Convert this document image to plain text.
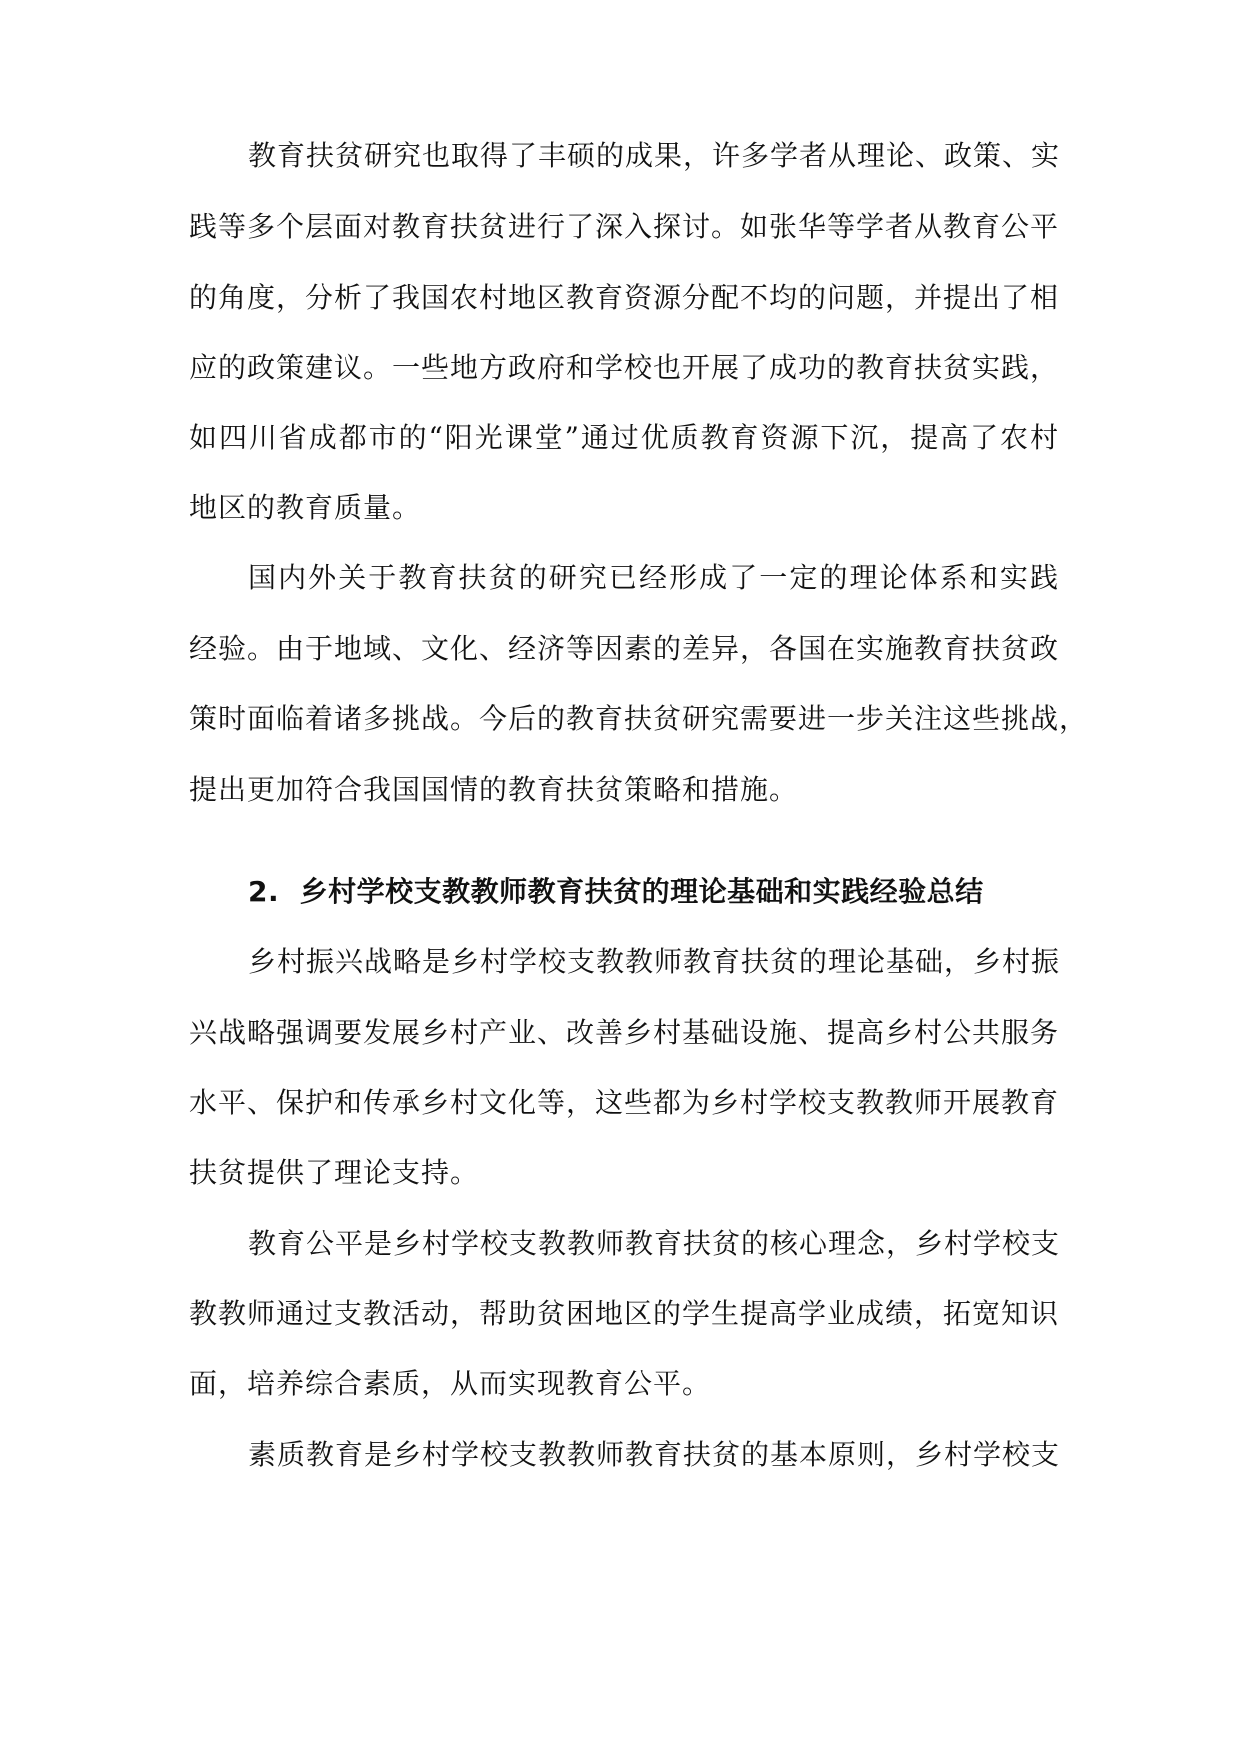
教育扶贫研究也取得了丰硕的成果，许多学者从理论、政策、实
践等多个层面对教育扶贫进行了深入探讨。如张华等学者从教育公平
的角度，分析了我国农村地区教育资源分配不均的问题，并提出了相
应的政策建议。一些地方政府和学校也开展了成功的教育扶贫实践，
如四川省成都市的“阳光课堂”通过优质教育资源下沉，提高了农村
地区的教育质量。
国内外关于教育扶贫的研究已经形成了一定的理论体系和实践
经验。由于地域、文化、经济等因素的差异，各国在实施教育扶贫政
策时面临着诸多挑战。今后的教育扶贫研究需要进一步关注这些挑战，
提出更加符合我国国情的教育扶贫策略和措施。
2. 乡村学校支教教师教育扶贫的理论基础和实践经验总结
乡村振兴战略是乡村学校支教教师教育扶贫的理论基础，乡村振
兴战略强调要发展乡村产业、改善乡村基础设施、提高乡村公共服务
水平、保护和传承乡村文化等，这些都为乡村学校支教教师开展教育
扶贫提供了理论支持。
教育公平是乡村学校支教教师教育扶贫的核心理念，乡村学校支
教教师通过支教活动，帮助贫困地区的学生提高学业成绩，拓宽知识
面，培养综合素质，从而实现教育公平。
素质教育是乡村学校支教教师教育扶贫的基本原则，乡村学校支
